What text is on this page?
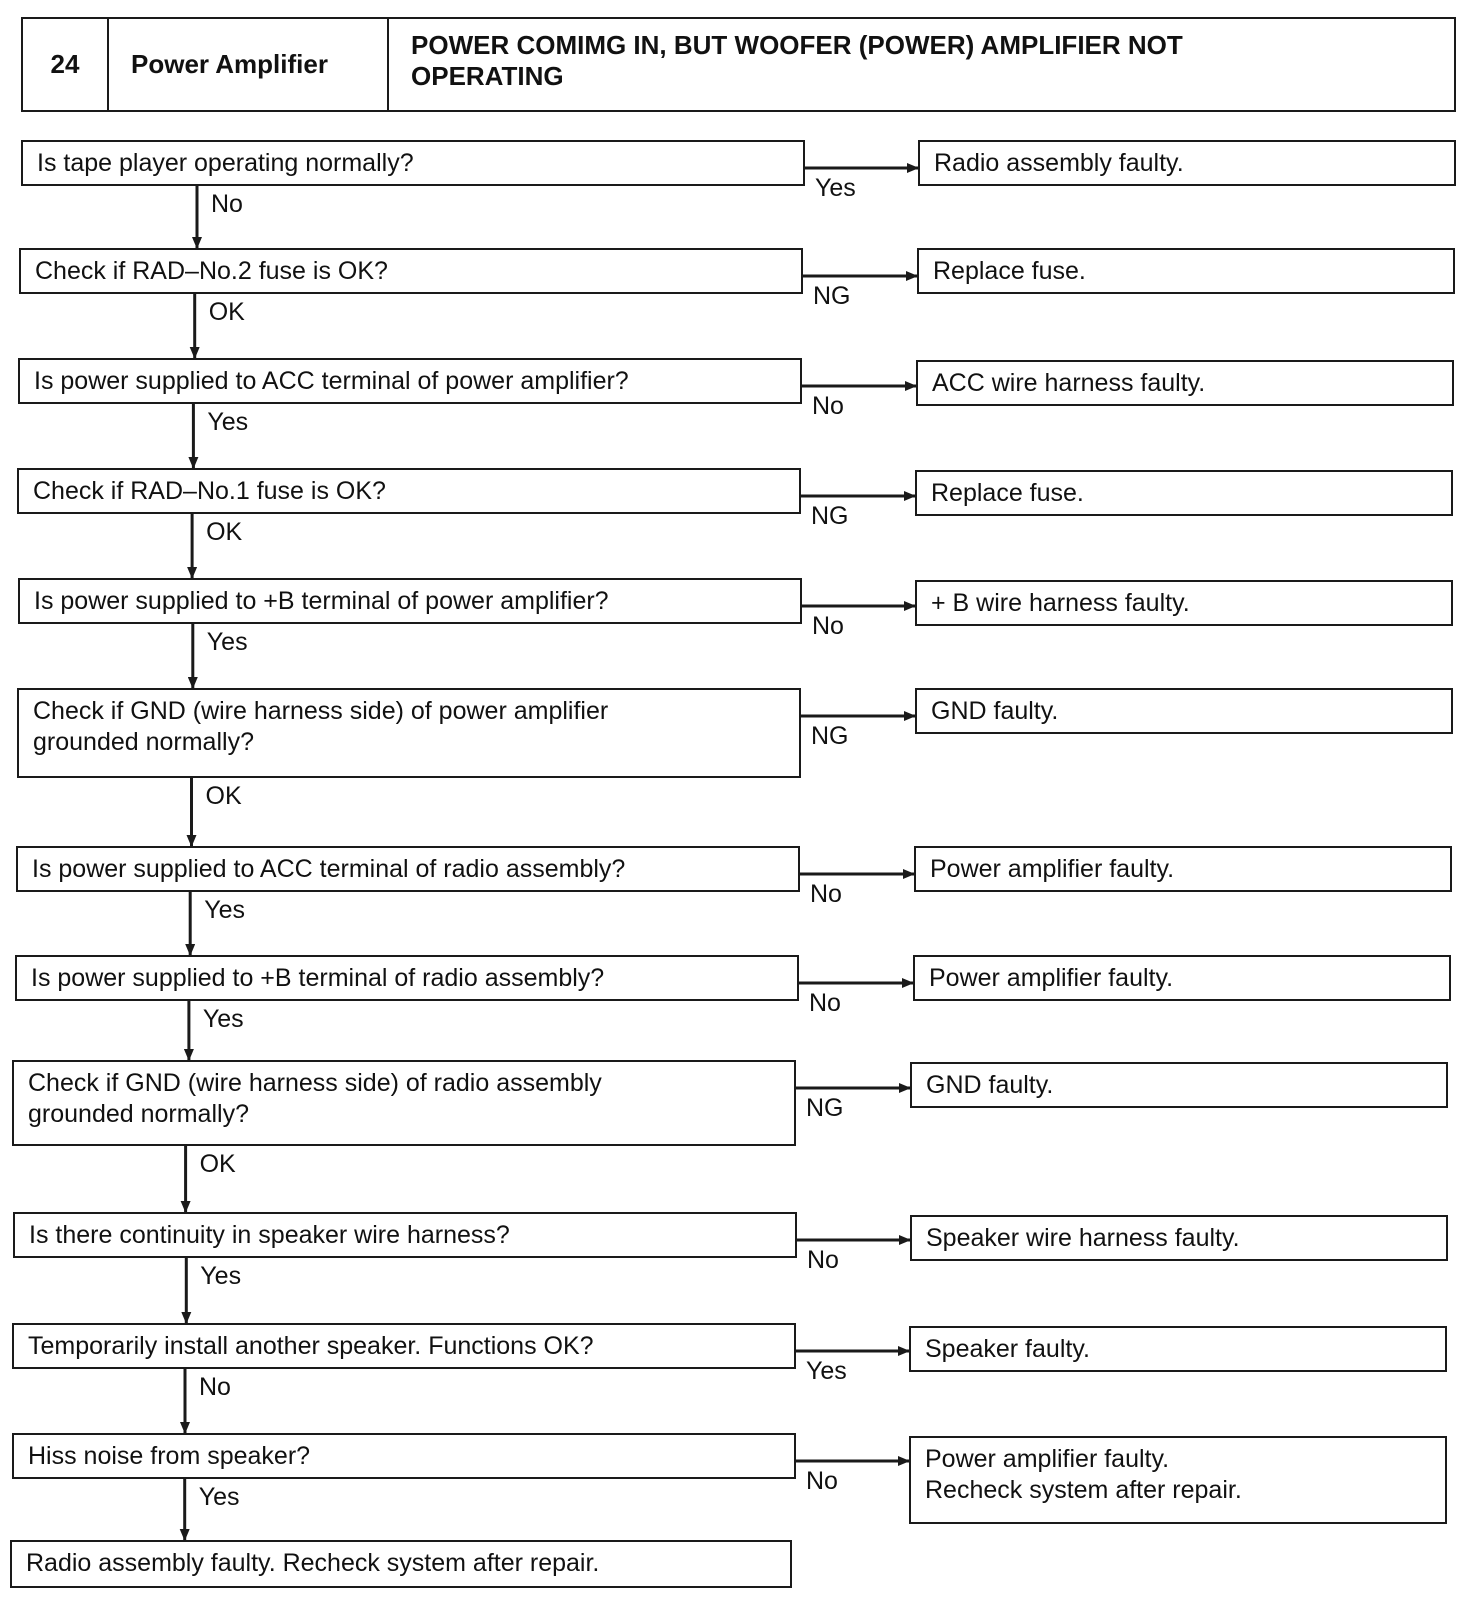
24	Power Amplifier
POWER COMIMG IN, BUT WOOFER (POWER) AMPLIFIER NOT
OPERATING
Is tape player operating normally?	Radio assembly faulty.
Yes
No
Check if RAD–No.2 fuse is OK?	Replace fuse.
NG
OK
Is power supplied to ACC terminal of power amplifier?	ACC wire harness faulty.
No
Yes
Check if RAD–No.1 fuse is OK?	Replace fuse.
NG
OK
Is power supplied to +B terminal of power amplifier?	+ B wire harness faulty.
No
Yes
Check if GND (wire harness side) of power amplifier
grounded normally?
GND faulty.
NG
OK
Is power supplied to ACC terminal of radio assembly?	Power amplifier faulty.
No
Yes
Is power supplied to +B terminal of radio assembly?	Power amplifier faulty.
No
Yes
Check if GND (wire harness side) of radio assembly
grounded normally?
GND faulty.
NG
OK
Is there continuity in speaker wire harness?	Speaker wire harness faulty.
No
Yes
Temporarily install another speaker. Functions OK?	Speaker faulty.
Yes
No
Hiss noise from speaker?	Power amplifier faulty.
Recheck system after repair.
No
Yes
Radio assembly faulty. Recheck system after repair.
